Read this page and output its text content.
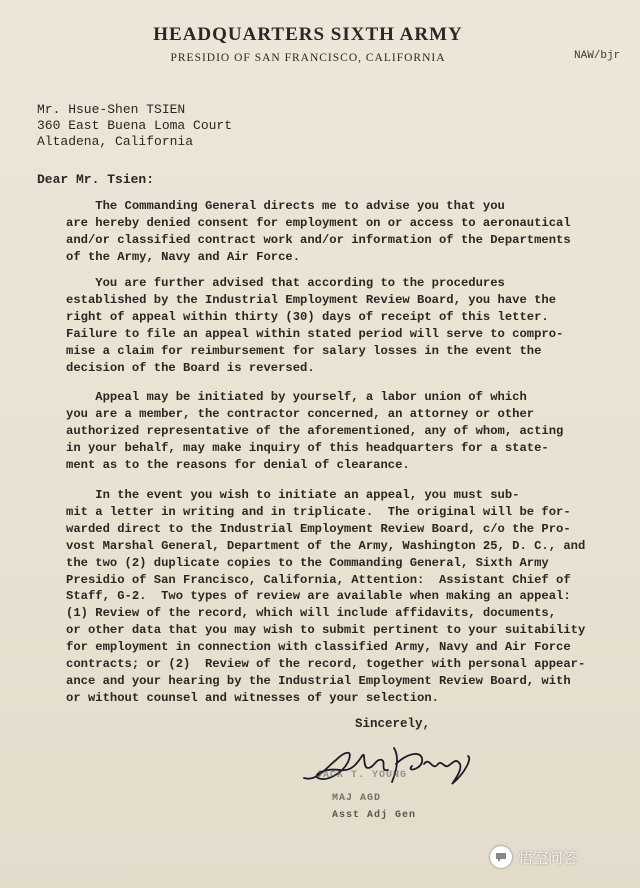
HEADQUARTERS SIXTH ARMY
PRESIDIO OF SAN FRANCISCO, CALIFORNIA	NAW/bjr
Mr. Hsue-Shen TSIEN
360 East Buena Loma Court
Altadena, California
Dear Mr. Tsien:
The Commanding General directs me to advise you that you
are hereby denied consent for employment on or access to aeronautical
and/or classified contract work and/or information of the Departments
of the Army, Navy and Air Force.
You are further advised that according to the procedures
established by the Industrial Employment Review Board, you have the
right of appeal within thirty (30) days of receipt of this letter.
Failure to file an appeal within stated period will serve to compro-
mise a claim for reimbursement for salary losses in the event the
decision of the Board is reversed.
Appeal may be initiated by yourself, a labor union of which
you are a member, the contractor concerned, an attorney or other
authorized representative of the aforementioned, any of whom, acting
in your behalf, may make inquiry of this headquarters for a state-
ment as to the reasons for denial of clearance.
In the event you wish to initiate an appeal, you must sub-
mit a letter in writing and in triplicate.  The original will be for-
warded direct to the Industrial Employment Review Board, c/o the Pro-
vost Marshal General, Department of the Army, Washington 25, D. C., and
the two (2) duplicate copies to the Commanding General, Sixth Army
Presidio of San Francisco, California, Attention:  Assistant Chief of
Staff, G-2.  Two types of review are available when making an appeal:
(1) Review of the record, which will include affidavits, documents,
or other data that you may wish to submit pertinent to your suitability
for employment in connection with classified Army, Navy and Air Force
contracts; or (2)  Review of the record, together with personal appear-
ance and your hearing by the Industrial Employment Review Board, with
or without counsel and witnesses of your selection.
Sincerely,
JACK T. YOUNG
MAJ AGD
Asst Adj Gen
悟空问答
